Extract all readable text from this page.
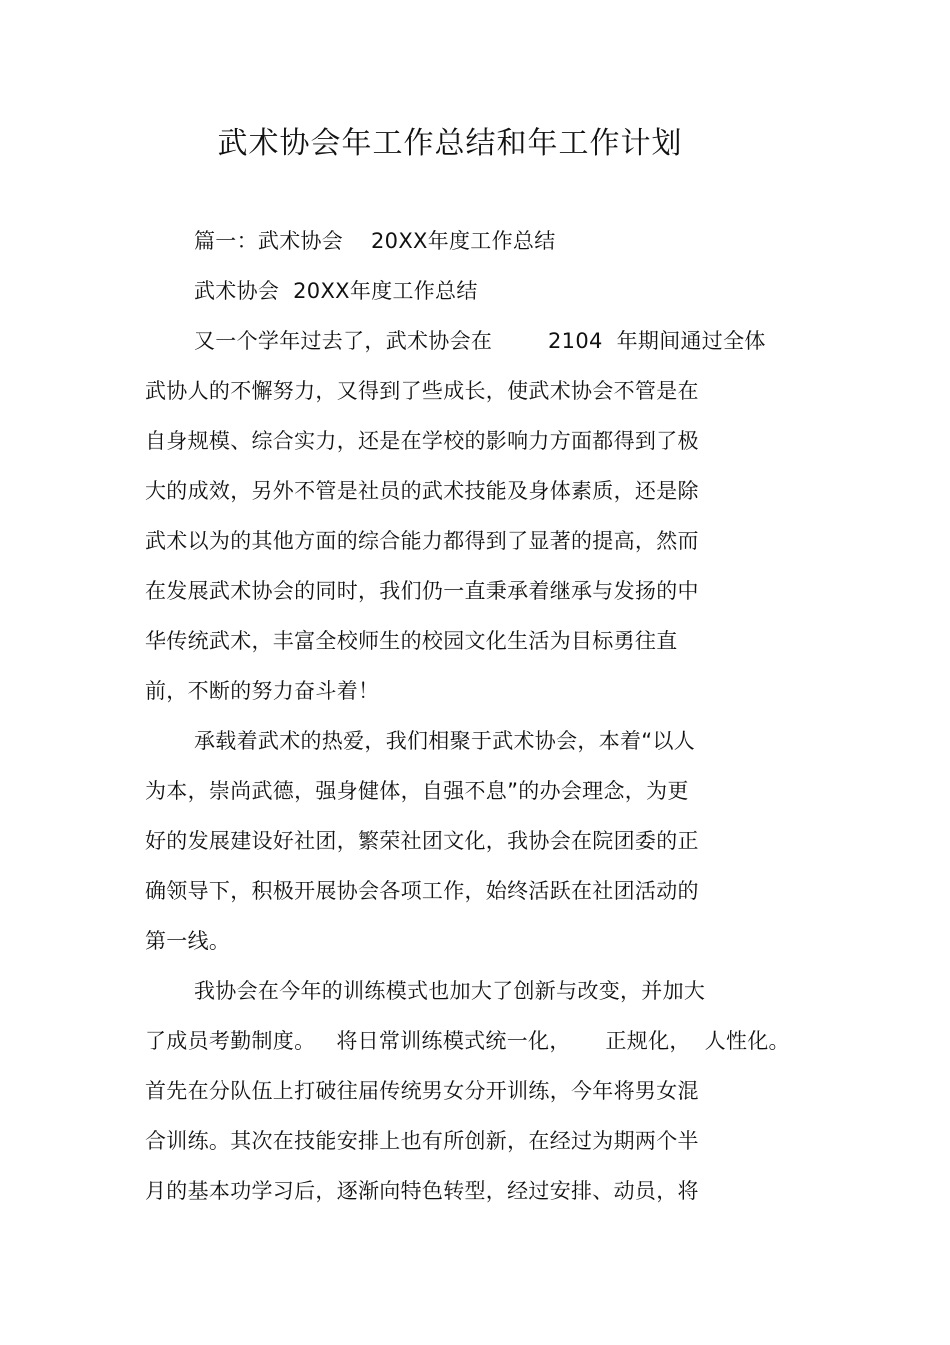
武术协会年工作总结和年工作计划
篇一：武术协会    20XX年度工作总结
武术协会  20XX年度工作总结
又一个学年过去了，武术协会在        2104  年期间通过全体
武协人的不懈努力，又得到了些成长，使武术协会不管是在
自身规模、综合实力，还是在学校的影响力方面都得到了极
大的成效，另外不管是社员的武术技能及身体素质，还是除
武术以为的其他方面的综合能力都得到了显著的提高，然而
在发展武术协会的同时，我们仍一直秉承着继承与发扬的中
华传统武术，丰富全校师生的校园文化生活为目标勇往直
前，不断的努力奋斗着！
承载着武术的热爱，我们相聚于武术协会，本着“以人
为本，崇尚武德，强身健体，自强不息”的办会理念，为更
好的发展建设好社团，繁荣社团文化，我协会在院团委的正
确领导下，积极开展协会各项工作，始终活跃在社团活动的
第一线。
我协会在今年的训练模式也加大了创新与改变，并加大
了成员考勤制度。   将日常训练模式统一化，     正规化，  人性化。
首先在分队伍上打破往届传统男女分开训练，今年将男女混
合训练。其次在技能安排上也有所创新，在经过为期两个半
月的基本功学习后，逐渐向特色转型，经过安排、动员，将
